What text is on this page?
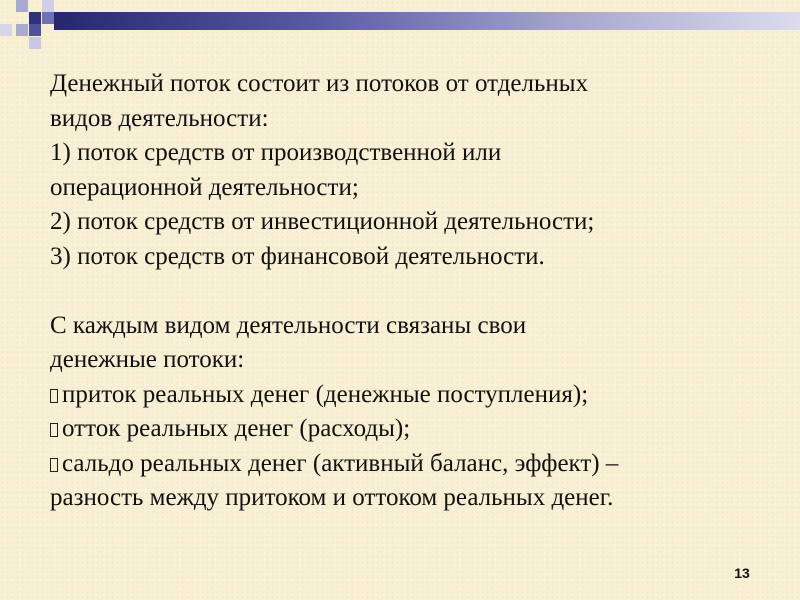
Денежный поток состоит из потоков от отдельных
видов деятельности:
1) поток средств от производственной или
операционной деятельности;
2) поток средств от инвестиционной деятельности;
3) поток средств от финансовой деятельности.
С каждым видом деятельности связаны свои
денежные потоки:
приток реальных денег (денежные поступления);
отток реальных денег (расходы);
сальдо реальных денег (активный баланс, эффект) –
разность между притоком и оттоком реальных денег.
13
